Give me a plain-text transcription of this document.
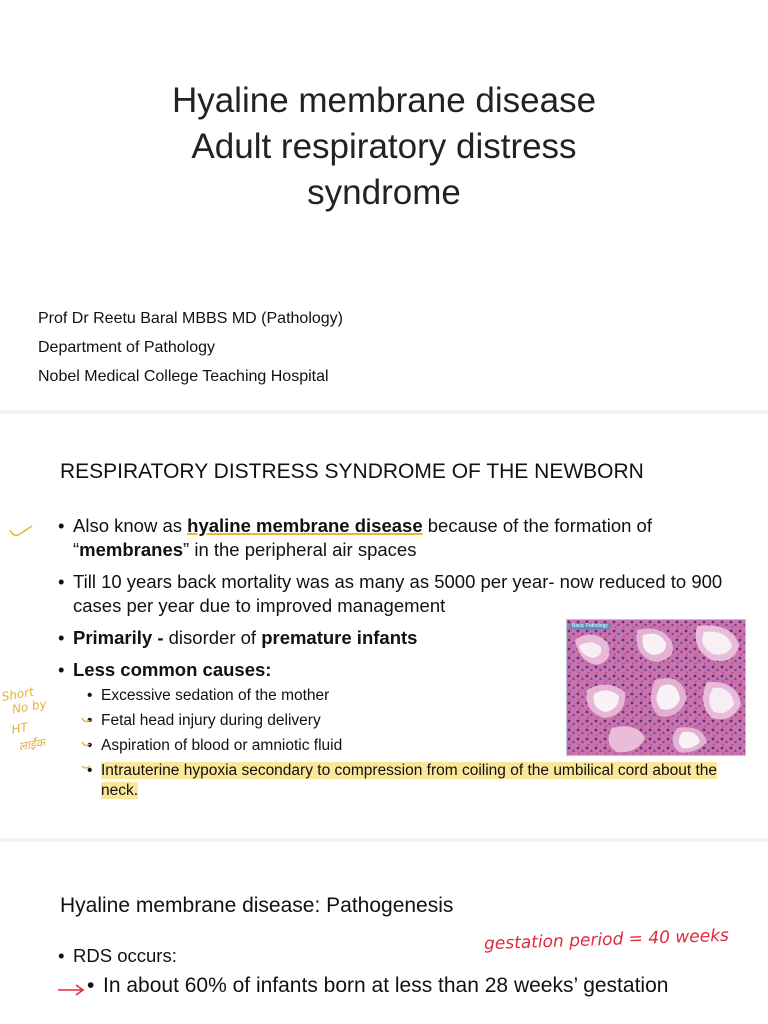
Hyaline membrane disease
Adult respiratory distress
syndrome
Prof Dr Reetu Baral MBBS MD (Pathology)
Department of Pathology
Nobel Medical College Teaching Hospital
RESPIRATORY DISTRESS SYNDROME OF THE NEWBORN
• Also know as hyaline membrane disease because of the formation of “membranes” in the peripheral air spaces
• Till 10 years back mortality was as many as 5000 per year- now reduced to 900 cases per year due to improved management
• Primarily - disorder of premature infants
• Less common causes:
• Excessive sedation of the mother
• Fetal head injury during delivery
• Aspiration of blood or amniotic fluid
• Intrauterine hypoxia secondary to compression from coiling of the umbilical cord about the neck.
Basic Pathology
Short
No by
HT
लाईंक
Hyaline membrane disease: Pathogenesis
gestation period = 40 weeks
• RDS occurs:
• In about 60% of infants born at less than 28 weeks’ gestation
